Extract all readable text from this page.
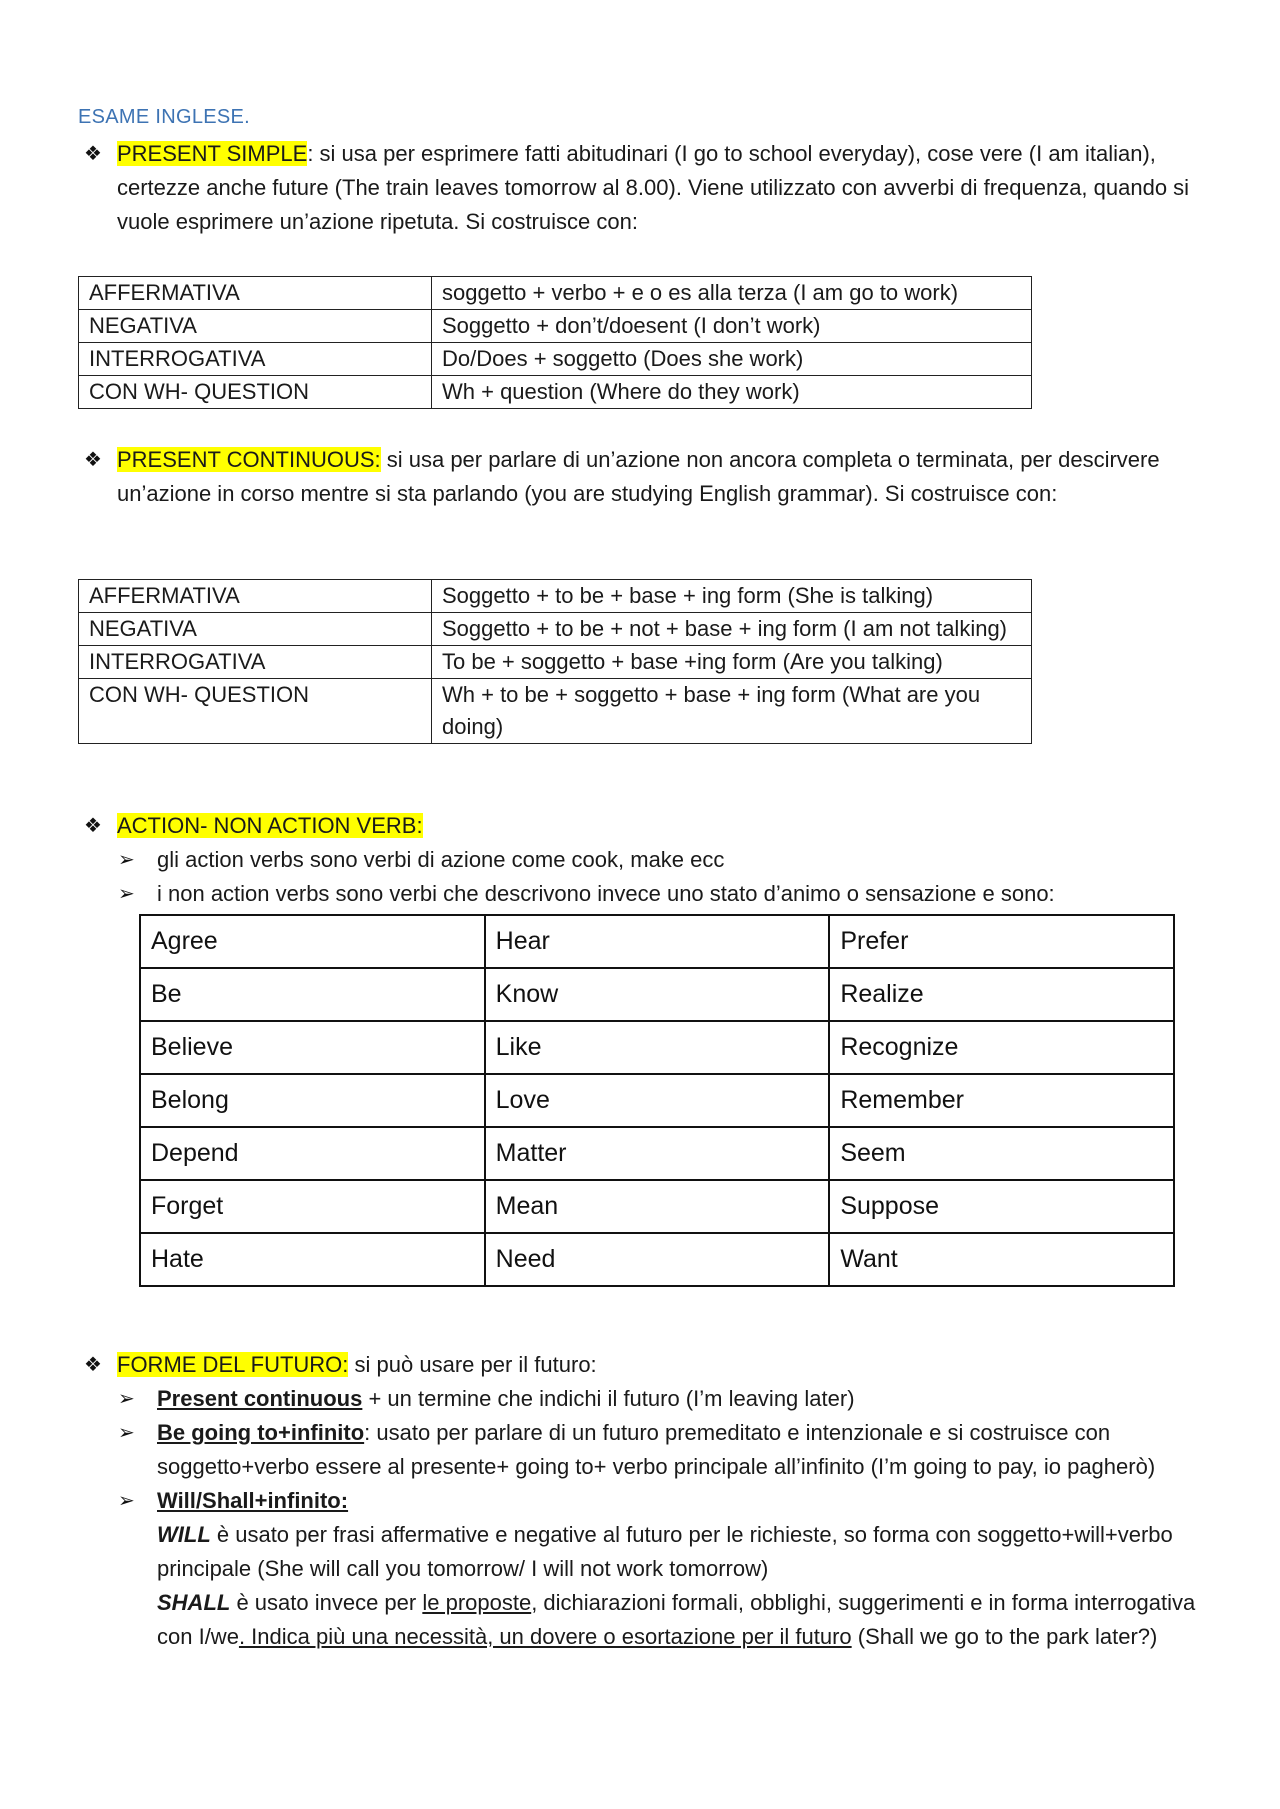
ESAME INGLESE.
❖ PRESENT SIMPLE: si usa per esprimere fatti abitudinari (I go to school everyday), cose vere (I am italian), certezze anche future (The train leaves tomorrow al 8.00). Viene utilizzato con avverbi di frequenza, quando si vuole esprimere un’azione ripetuta. Si costruisce con:
AFFERMATIVA	soggetto + verbo + e o es alla terza (I am go to work)
NEGATIVA	Soggetto + don’t/doesent (I don’t work)
INTERROGATIVA	Do/Does + soggetto (Does she work)
CON WH- QUESTION	Wh + question (Where do they work)
❖ PRESENT CONTINUOUS: si usa per parlare di un’azione non ancora completa o terminata, per descirvere un’azione in corso mentre si sta parlando (you are studying English grammar). Si costruisce con:
AFFERMATIVA	Soggetto + to be + base + ing form (She is talking)
NEGATIVA	Soggetto + to be + not + base + ing form (I am not talking)
INTERROGATIVA	To be + soggetto + base +ing form (Are you talking)
CON WH- QUESTION	Wh + to be + soggetto + base + ing form (What are you doing)
❖ ACTION- NON ACTION VERB:
➢ gli action verbs sono verbi di azione come cook, make ecc
➢ i non action verbs sono verbi che descrivono invece uno stato d’animo o sensazione e sono:
Agree	Hear	Prefer
Be	Know	Realize
Believe	Like	Recognize
Belong	Love	Remember
Depend	Matter	Seem
Forget	Mean	Suppose
Hate	Need	Want
❖ FORME DEL FUTURO: si può usare per il futuro:
➢ Present continuous + un termine che indichi il futuro (I’m leaving later)
➢ Be going to+infinito: usato per parlare di un futuro premeditato e intenzionale e si costruisce con soggetto+verbo essere al presente+ going to+ verbo principale all’infinito (I’m going to pay, io pagherò)
➢ Will/Shall+infinito:
WILL è usato per frasi affermative e negative al futuro per le richieste, so forma con soggetto+will+verbo principale (She will call you tomorrow/ I will not work tomorrow)
SHALL è usato invece per le proposte, dichiarazioni formali, obblighi, suggerimenti e in forma interrogativa con I/we. Indica più una necessità, un dovere o esortazione per il futuro (Shall we go to the park later?)
